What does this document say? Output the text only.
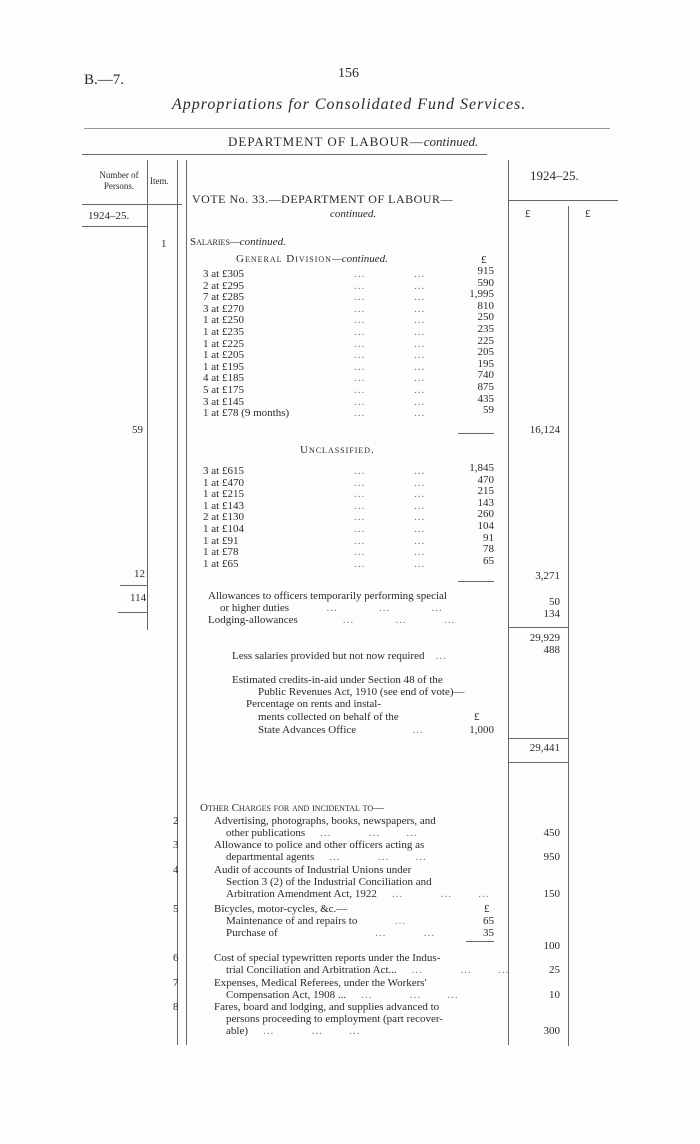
B.—7.	156
Appropriations for Consolidated Fund Services.
DEPARTMENT OF LABOUR—continued.
Number of Persons.	Item.
1924–25.
1924–25.
£	£
VOTE No. 33.—DEPARTMENT OF LABOUR—
continued.
1 Salaries—continued.
General Division—continued.	£
3 at £305	...             ...	915
2 at £295	...             ...	590
7 at £285	...             ...	1,995
3 at £270	...             ...	810
1 at £250	...             ...	250
1 at £235	...             ...	235
1 at £225	...             ...	225
1 at £205	...             ...	205
1 at £195	...             ...	195
4 at £185	...             ...	740
5 at £175	...             ...	875
3 at £145	...             ...	435
1 at £78 (9 months)	...             ...	59
59	16,124
Unclassified.
3 at £615	...             ...	1,845
1 at £470	...             ...	470
1 at £215	...             ...	215
1 at £143	...             ...	143
2 at £130	...             ...	260
1 at £104	...             ...	104
1 at £91	...             ...	91
1 at £78	...             ...	78
1 at £65	...             ...	65
12	3,271
114	Allowances to officers temporarily performing special
or higher duties          ...           ...           ...	50
Lodging-allowances            ...           ...          ...	134
29,929
Less salaries provided but not now required   ...	488
Estimated credits-in-aid under Section 48 of the
Public Revenues Act, 1910 (see end of vote)—
Percentage on rents and instal-
ments collected on behalf of the	£
State Advances Office               ...	1,000
29,441
Other Charges for and incidental to—
2	Advertising, photographs, books, newspapers, and
other publications    ...          ...       ...	450
3	Allowance to police and other officers acting as
departmental agents    ...          ...       ...	950
4	Audit of accounts of Industrial Unions under
Section 3 (2) of the Industrial Conciliation and
Arbitration Amendment Act, 1922    ...          ...       ...	150
5	Bicycles, motor-cycles, &c.—	£
Maintenance of and repairs to          ...	65
Purchase of                          ...          ...	35
100
6	Cost of special typewritten reports under the Indus-
trial Conciliation and Arbitration Act...    ...          ...       ...	25
7	Expenses, Medical Referees, under the Workers'
Compensation Act, 1908 ...    ...          ...       ...	10
8	Fares, board and lodging, and supplies advanced to
persons proceeding to employment (part recover-
able)    ...          ...       ...	300
